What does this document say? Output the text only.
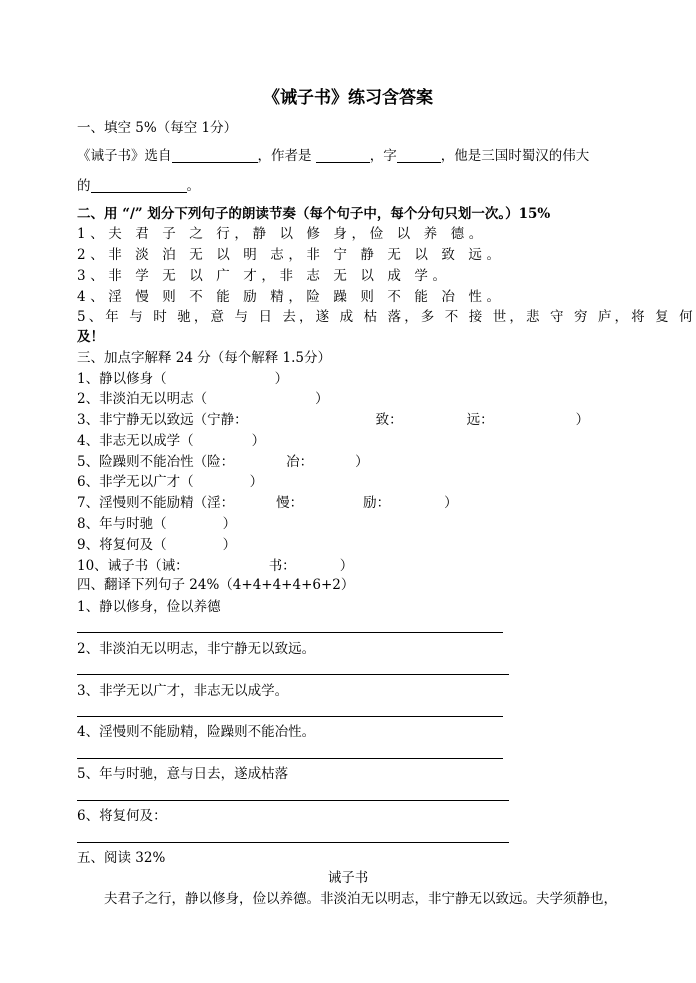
《诫子书》练习含答案
一、填空 5%（每空 1分）
《诫子书》选自	，作者是	，字	，他是三国时蜀汉的伟大
的	。
二、用 “/” 划分下列句子的朗读节奏（每个句子中，每个分句只划一次。）15%
1、夫 君 子 之 行，静 以 修 身，俭 以 养 德。
2、非 淡 泊 无 以 明 志，非 宁 静 无 以 致 远。
3、非 学 无 以 广 才，非 志 无 以 成 学。
4、淫 慢 则 不 能 励 精，险 躁 则 不 能 冶 性。
5、年 与 时 驰，意 与 日 去，遂 成 枯 落，多 不 接 世，悲 守 穷 庐，将 复 何
及！
三、加点字解释 24 分（每个解释 1.5分）
1、静以修身（	）
2、非淡泊无以明志（	）
3、非宁静无以致远（宁静：	致：	远：	）
4、非志无以成学（	）
5、险躁则不能冶性（险：	冶：	）
6、非学无以广才（	）
7、淫慢则不能励精（淫：	慢：	励：	）
8、年与时驰（	）
9、将复何及（	）
10、诫子书（诫：	书：	）
四、翻译下列句子 24%（4+4+4+4+6+2）
1、静以修身，俭以养德
2、非淡泊无以明志，非宁静无以致远。
3、非学无以广才，非志无以成学。
4、淫慢则不能励精，险躁则不能冶性。
5、年与时驰，意与日去，遂成枯落
6、将复何及：
五、阅读 32%
诫子书
夫君子之行，静以修身，俭以养德。非淡泊无以明志，非宁静无以致远。夫学须静也，
